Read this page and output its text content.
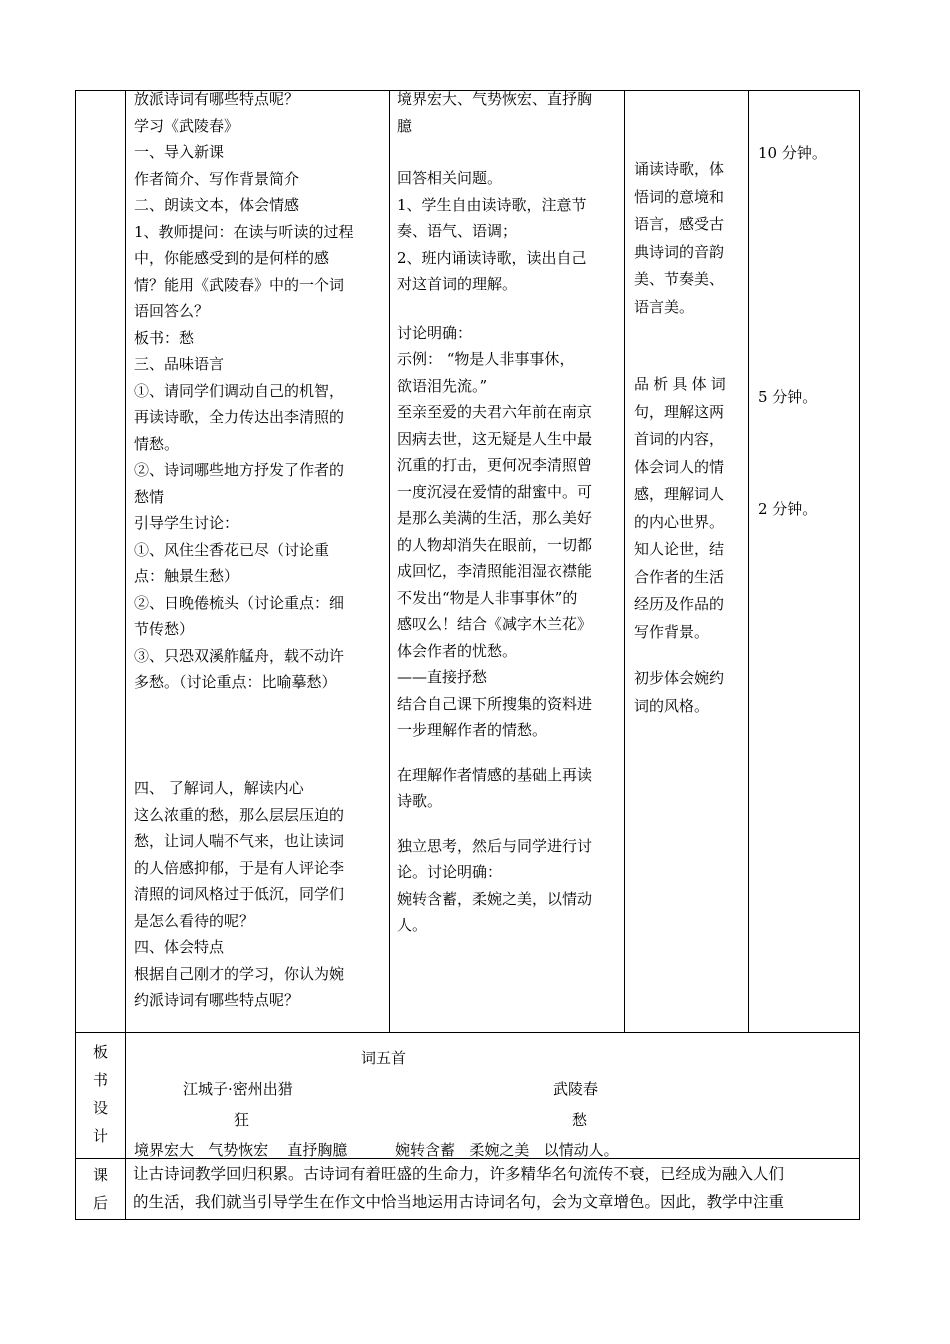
放派诗词有哪些特点呢？

学习《武陵春》

一、导入新课

作者简介、写作背景简介

二、朗读文本，体会情感

1、教师提问：在读与听读的过程

中，你能感受到的是何样的感

情？能用《武陵春》中的一个词

语回答么？

板书：愁

三、品味语言

①、请同学们调动自己的机智，

再读诗歌，全力传达出李清照的

情愁。

②、诗词哪些地方抒发了作者的

愁情

引导学生讨论：

①、风住尘香花已尽（讨论重

点：触景生愁）

②、日晚倦梳头（讨论重点：细

节传愁）

③、只恐双溪舴艋舟，载不动许

多愁。（讨论重点：比喻摹愁）

四、 了解词人，解读内心

这么浓重的愁，那么层层压迫的

愁，让词人喘不气来，也让读词

的人倍感抑郁，于是有人评论李

清照的词风格过于低沉，同学们

是怎么看待的呢？

四、体会特点

根据自己刚才的学习，你认为婉

约派诗词有哪些特点呢？

境界宏大、气势恢宏、直抒胸

臆

回答相关问题。

1、学生自由读诗歌，注意节

奏、语气、语调；

2、班内诵读诗歌，读出自己

对这首词的理解。

讨论明确：

示例： “物是人非事事休，

欲语泪先流。”

至亲至爱的夫君六年前在南京

因病去世，这无疑是人生中最

沉重的打击，更何况李清照曾

一度沉浸在爱情的甜蜜中。可

是那么美满的生活，那么美好

的人物却消失在眼前，一切都

成回忆，李清照能泪湿衣襟能

不发出“物是人非事事休”的

感叹么！结合《减字木兰花》

体会作者的忧愁。

——直接抒愁

结合自己课下所搜集的资料进

一步理解作者的情愁。

在理解作者情感的基础上再读

诗歌。

独立思考，然后与同学进行讨

论。讨论明确：

婉转含蓄，柔婉之美，以情动

人。

诵读诗歌，体

悟词的意境和

语言，感受古

典诗词的音韵

美、节奏美、

语言美。

品析具体词

句，理解这两

首词的内容，

体会词人的情

感，理解词人

的内心世界。

知人论世，结

合作者的生活

经历及作品的

写作背景。

初步体会婉约

词的风格。

10 分钟。
5 分钟。
2 分钟。

板

书

设

计

词五首
江城子·密州出猎	武陵春
狂	愁
境界宏大   气势恢宏    直抒胸臆          婉转含蓄   柔婉之美   以情动人。

课

后

让古诗词教学回归积累。古诗词有着旺盛的生命力，许多精华名句流传不衰，已经成为融入人们

的生活，我们就当引导学生在作文中恰当地运用古诗词名句，会为文章增色。因此，教学中注重
